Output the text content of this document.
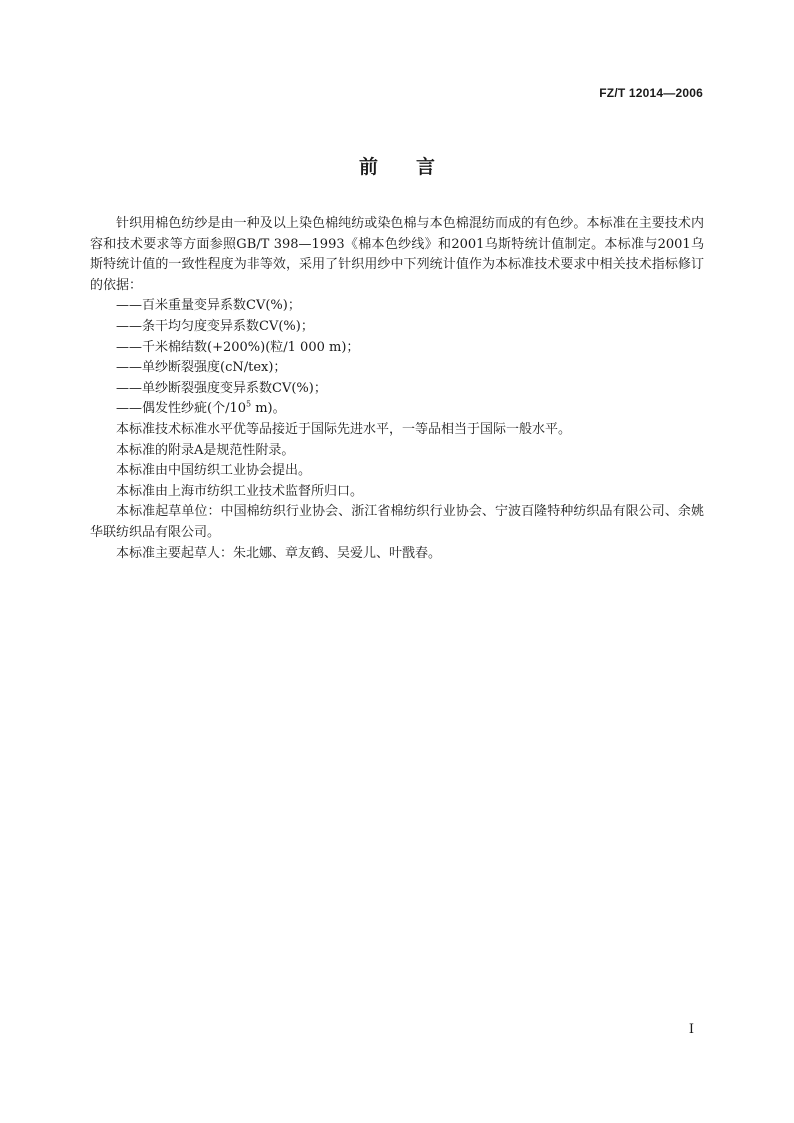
FZ/T 12014—2006
前 言

针织用棉色纺纱是由一种及以上染色棉纯纺或染色棉与本色棉混纺而成的有色纱。本标准在主要技术内容和技术要求等方面参照GB/T 398—1993《棉本色纱线》和2001乌斯特统计值制定。本标准与2001乌斯特统计值的一致性程度为非等效，采用了针织用纱中下列统计值作为本标准技术要求中相关技术指标修订的依据：

——百米重量变异系数CV(%)；

——条干均匀度变异系数CV(%)；

——千米棉结数(+200%)(粒/1 000 m)；

——单纱断裂强度(cN/tex)；

——单纱断裂强度变异系数CV(%)；

——偶发性纱疵(个$/10^5$ m)。

本标准技术标准水平优等品接近于国际先进水平，一等品相当于国际一般水平。

本标准的附录A是规范性附录。

本标准由中国纺织工业协会提出。

本标准由上海市纺织工业技术监督所归口。

本标准起草单位：中国棉纺织行业协会、浙江省棉纺织行业协会、宁波百隆特种纺织品有限公司、余姚华联纺织品有限公司。

本标准主要起草人：朱北娜、章友鹤、吴爱儿、叶戬春。

I
